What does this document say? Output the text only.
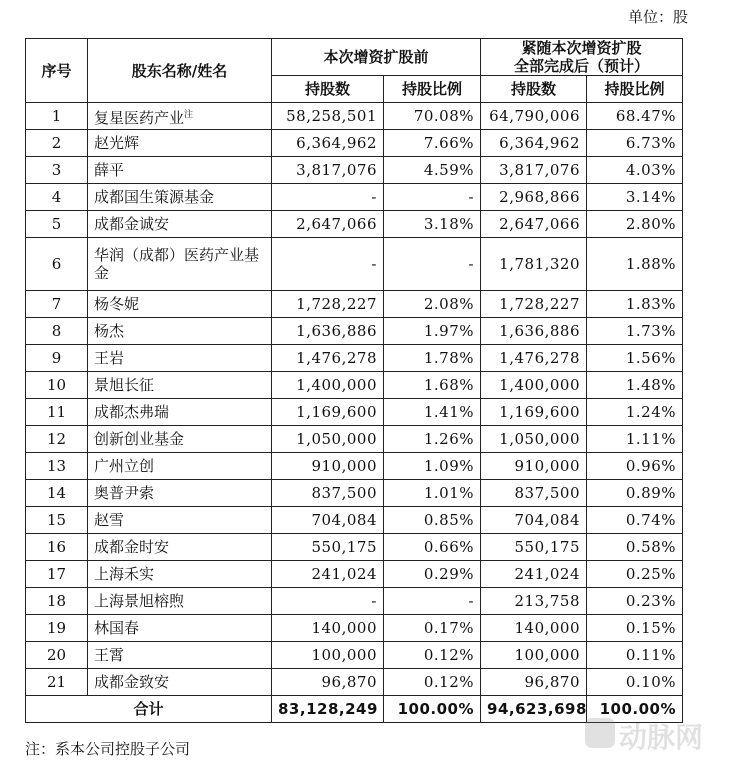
单位：股
序号	股东名称/姓名	本次增资扩股前		紧随本次增资扩股
全部完成后（预计）	

		持股数	持股比例	持股数	持股比例
1	复星医药产业$^注$	58,258,501	70.08%	64,790,006	68.47%
2	赵光辉	6,364,962	7.66%	6,364,962	6.73%
3	薛平	3,817,076	4.59%	3,817,076	4.03%
4	成都国生策源基金	-	-	2,968,866	3.14%
5	成都金诚安	2,647,066	3.18%	2,647,066	2.80%
6	华润（成都）医药产业基金	-	-	1,781,320	1.88%
7	杨冬妮	1,728,227	2.08%	1,728,227	1.83%
8	杨杰	1,636,886	1.97%	1,636,886	1.73%
9	王岩	1,476,278	1.78%	1,476,278	1.56%
10	景旭长征	1,400,000	1.68%	1,400,000	1.48%
11	成都杰弗瑞	1,169,600	1.41%	1,169,600	1.24%
12	创新创业基金	1,050,000	1.26%	1,050,000	1.11%
13	广州立创	910,000	1.09%	910,000	0.96%
14	奥普尹索	837,500	1.01%	837,500	0.89%
15	赵雪	704,084	0.85%	704,084	0.74%
16	成都金时安	550,175	0.66%	550,175	0.58%
17	上海禾实	241,024	0.29%	241,024	0.25%
18	上海景旭榕煦	-	-	213,758	0.23%
19	林国春	140,000	0.17%	140,000	0.15%
20	王霄	100,000	0.12%	100,000	0.11%
21	成都金致安	96,870	0.12%	96,870	0.10%
合计		83,128,249	100.00%	94,623,698	100.00%
注：系本公司控股子公司	动脉网
